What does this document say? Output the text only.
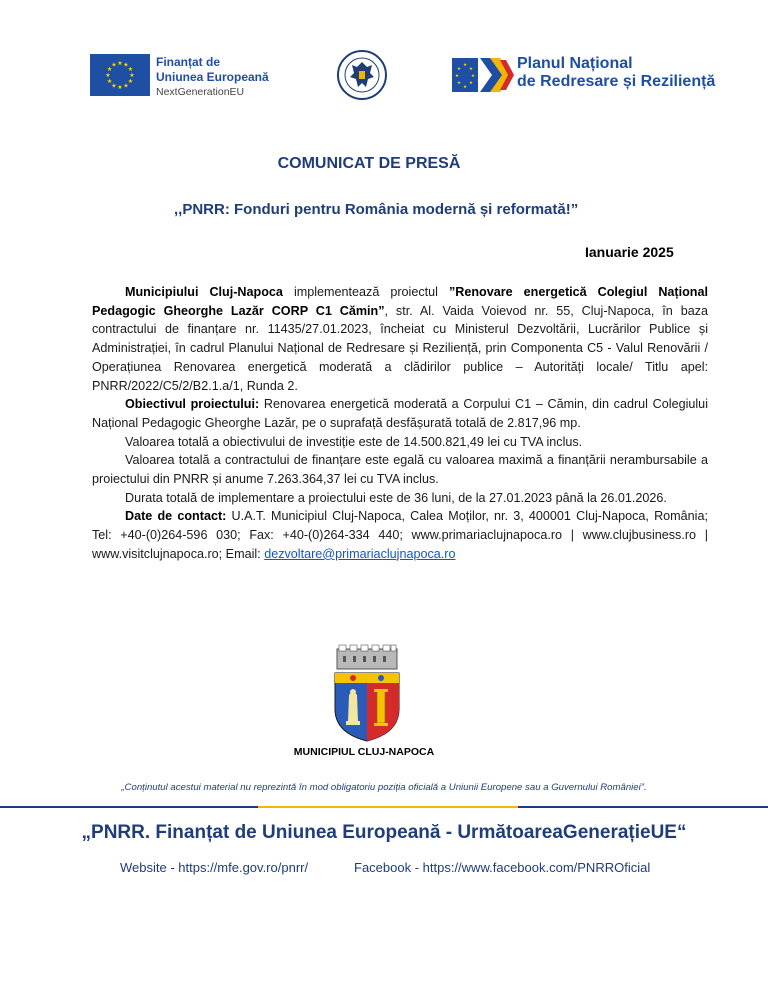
★ ★
★
★
★
★
★
★
★
★
★
★	Finanțat de
Uniunea Europeană
NextGenerationEU
★
★
★
★
★
★
★
★	Planul Național
de Redresare și Reziliență
COMUNICAT DE PRESĂ
,,PNRR: Fonduri pentru România modernă și reformată!”
Ianuarie 2025

Municipiului Cluj-Napoca implementează proiectul ”Renovare energetică Colegiul Național Pedagogic Gheorghe Lazăr CORP C1 Cămin”, str. Al. Vaida Voievod nr. 55, Cluj-Napoca, în baza contractului de finanțare nr. 11435/27.01.2023, încheiat cu Ministerul Dezvoltării, Lucrărilor Publice și Administrației, în cadrul Planului Național de Redresare și Reziliență, prin Componenta C5 - Valul Renovării / Operațiunea Renovarea energetică moderată a clădirilor publice – Autorități locale/ Titlu apel: PNRR/2022/C5/2/B2.1.a/1, Runda 2.

Obiectivul proiectului: Renovarea energetică moderată a Corpului C1 – Cămin, din cadrul Colegiului Național Pedagogic Gheorghe Lazăr, pe o suprafață desfășurată totală de 2.817,96 mp.

Valoarea totală a obiectivului de investiție este de 14.500.821,49 lei cu TVA inclus.

Valoarea totală a contractului de finanțare este egală cu valoarea maximă a finanțării nerambursabile a proiectului din PNRR și anume 7.263.364,37 lei cu TVA inclus.

Durata totală de implementare a proiectului este de 36 luni, de la 27.01.2023 până la 26.01.2026.

Date de contact: U.A.T. Municipiul Cluj-Napoca, Calea Moților, nr. 3, 400001 Cluj-Napoca, România; Tel: +40-(0)264-596 030; Fax: +40-(0)264-334 440; www.primariaclujnapoca.ro | www.clujbusiness.ro | www.visitclujnapoca.ro; Email: dezvoltare@primariaclujnapoca.ro

MUNICIPIUL CLUJ-NAPOCA
„Conținutul acestui material nu reprezintă în mod obligatoriu poziția oficială a Uniunii Europene sau a Guvernului României”.
„PNRR. Finanțat de Uniunea Europeană - UrmătoareaGenerațieUE“
Website - https://mfe.gov.ro/pnrr/	Facebook - https://www.facebook.com/PNRROficial
